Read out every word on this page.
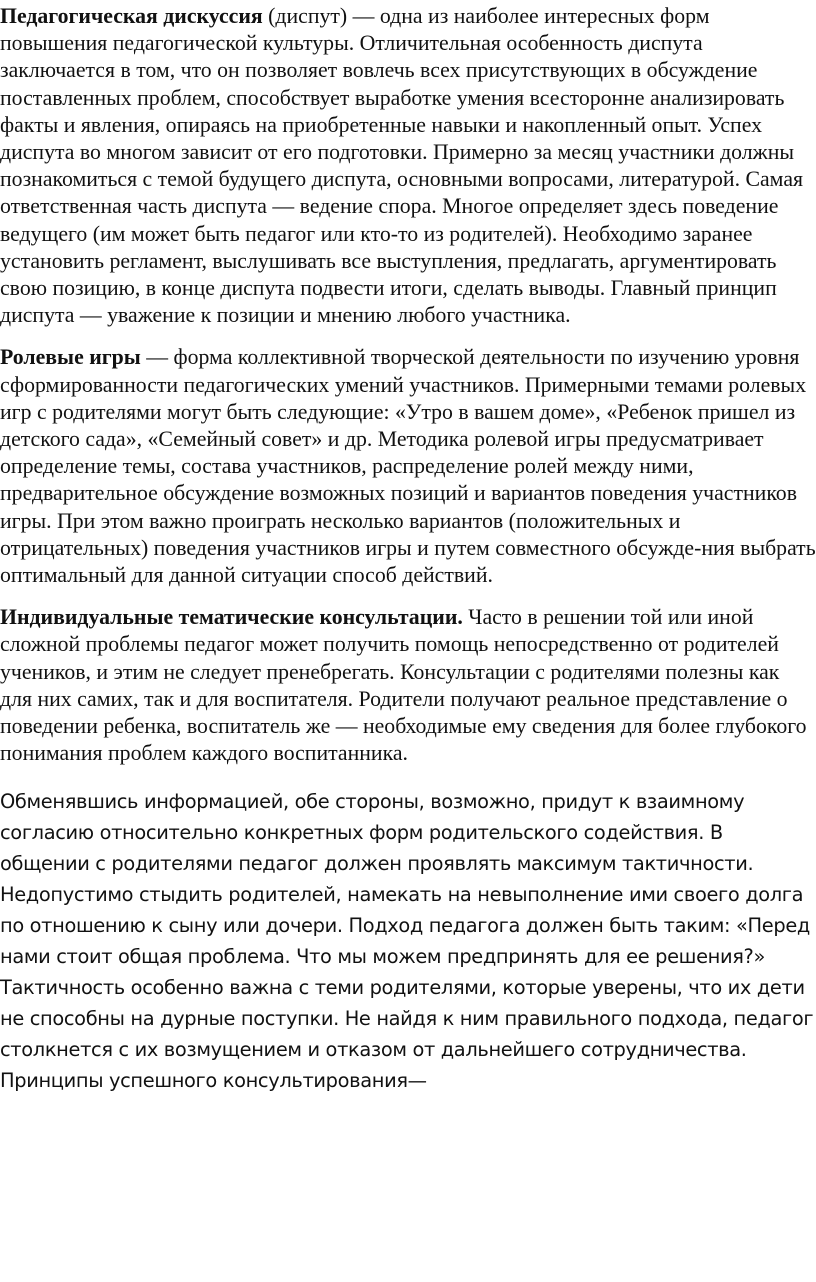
Педагогическая дискуссия (диспут) — одна из наиболее интересных форм повышения педагогической культуры. Отличительная особенность диспута заключается в том, что он позволяет вовлечь всех присутствующих в обсуждение поставленных проблем, способствует выработке умения всесторонне анализировать факты и явления, опираясь на приобретенные навыки и накопленный опыт. Успех диспута во многом зависит от его подготовки. Примерно за месяц участники должны познакомиться с темой будущего диспута, основными вопросами, литературой. Самая ответственная часть диспута — ведение спора. Многое определяет здесь поведение ведущего (им может быть педагог или кто-то из родителей). Необходимо заранее установить регламент, выслушивать все выступления, предлагать, аргументировать свою позицию, в конце диспута подвести итоги, сделать выводы. Главный принцип диспута — уважение к позиции и мнению любого участника.

Ролевые игры — форма коллективной творческой деятельности по изучению уровня сформированности педагогических умений участников. Примерными темами ролевых игр с родителями могут быть следующие: «Утро в вашем доме», «Ребенок пришел из детского сада», «Семейный совет» и др. Методика ролевой игры предусматривает определение темы, состава участников, распределение ролей между ними, предварительное обсуждение возможных позиций и вариантов поведения участников игры. При этом важно проиграть несколько вариантов (положительных и отрицательных) поведения участников игры и путем совместного обсужде-ния выбрать оптимальный для данной ситуации способ действий.

Индивидуальные тематические консультации. Часто в решении той или иной сложной проблемы педагог может получить помощь непосредственно от родителей учеников, и этим не следует пренебрегать. Консультации с родителями полезны как для них самих, так и для воспитателя. Родители получают реальное представление о поведении ребенка, воспитатель же — необходимые ему сведения для более глубокого понимания проблем каждого воспитанника.

Обменявшись информацией, обе стороны, возможно, придут к взаимному согласию относительно конкретных форм родительского содействия. В общении с родителями педагог должен проявлять максимум тактичности. Недопустимо стыдить родителей, намекать на невыполнение ими своего долга по отношению к сыну или дочери. Подход педагога должен быть таким: «Перед нами стоит общая проблема. Что мы можем предпринять для ее решения?» Тактичность особенно важна с теми родителями, которые уверены, что их дети не способны на дурные поступки. Не найдя к ним правильного подхода, педагог столкнется с их возмущением и отказом от дальнейшего сотрудничества. Принципы успешного консультирования—
